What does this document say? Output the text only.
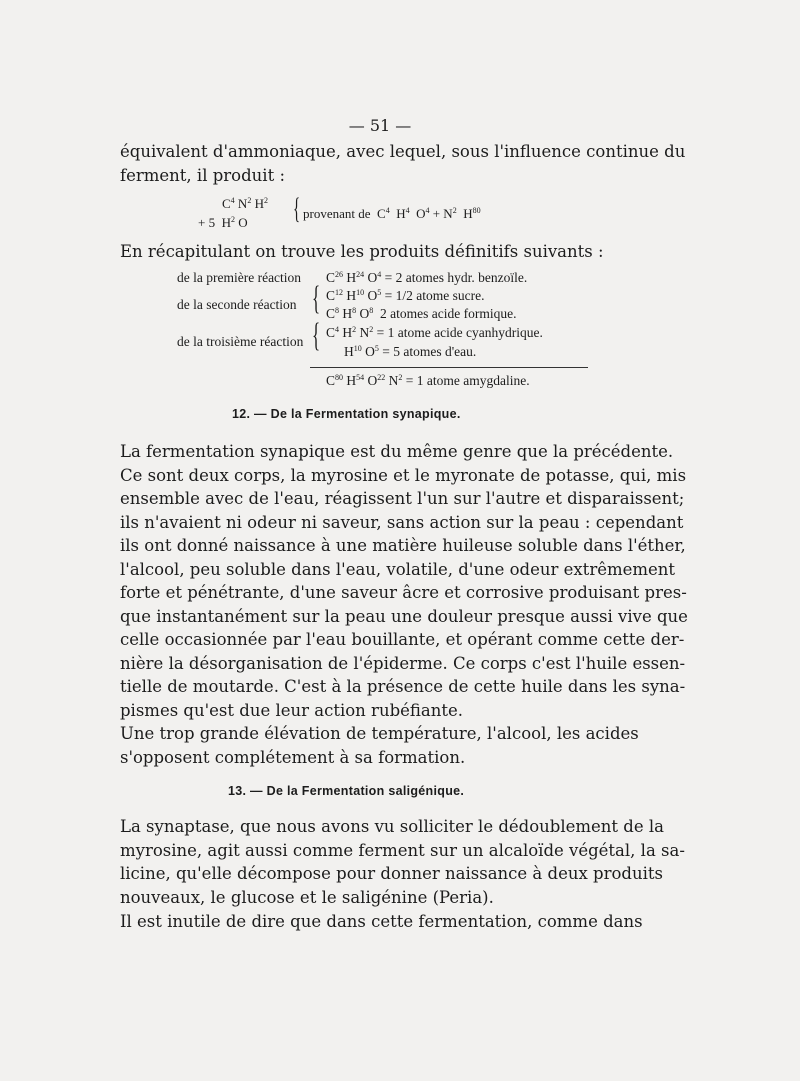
— 51 —
équivalent d'ammoniaque, avec lequel, sous l'influence continue du
ferment, il produit :
$C^4$ $N^2$ $H^2$
+ 5 $H^2$ O { provenant de $C^4$  $H^4$  $O^4 + N^2$  $H^{80}$
En récapitulant on trouve les produits définitifs suivants :
de la première réaction $C^{26}$ $H^{24}$ $O^4 = 2$ atomes hydr. benzoïle.
de la seconde réaction { $C^{12}$ $H^{10}$ $O^5 = 1/2$ atome sucre.
$C^8$ $H^8$ $O^8$ 2 atomes acide formique.
de la troisième réaction { $C^4$ $H^2$ $N^2 = 1$ atome acide cyanhydrique.
$H^{10}$ $O^5 = 5$ atomes d'eau.
$C^{80}$ $H^{54}$ $O^{22}$ $N^2 = 1$ atome amygdaline.
12. — De la Fermentation synapique.
La fermentation synapique est du même genre que la précédente.
Ce sont deux corps, la myrosine et le myronate de potasse, qui, mis
ensemble avec de l'eau, réagissent l'un sur l'autre et disparaissent;
ils n'avaient ni odeur ni saveur, sans action sur la peau : cependant
ils ont donné naissance à une matière huileuse soluble dans l'éther,
l'alcool, peu soluble dans l'eau, volatile, d'une odeur extrêmement
forte et pénétrante, d'une saveur âcre et corrosive produisant pres-
que instantanément sur la peau une douleur presque aussi vive que
celle occasionnée par l'eau bouillante, et opérant comme cette der-
nière la désorganisation de l'épiderme. Ce corps c'est l'huile essen-
tielle de moutarde. C'est à la présence de cette huile dans les syna-
pismes qu'est due leur action rubéfiante.
Une trop grande élévation de température, l'alcool, les acides
s'opposent complétement à sa formation.
13. — De la Fermentation saligénique.
La synaptase, que nous avons vu solliciter le dédoublement de la
myrosine, agit aussi comme ferment sur un alcaloïde végétal, la sa-
licine, qu'elle décompose pour donner naissance à deux produits
nouveaux, le glucose et le saligénine (Peria).
Il est inutile de dire que dans cette fermentation, comme dans
